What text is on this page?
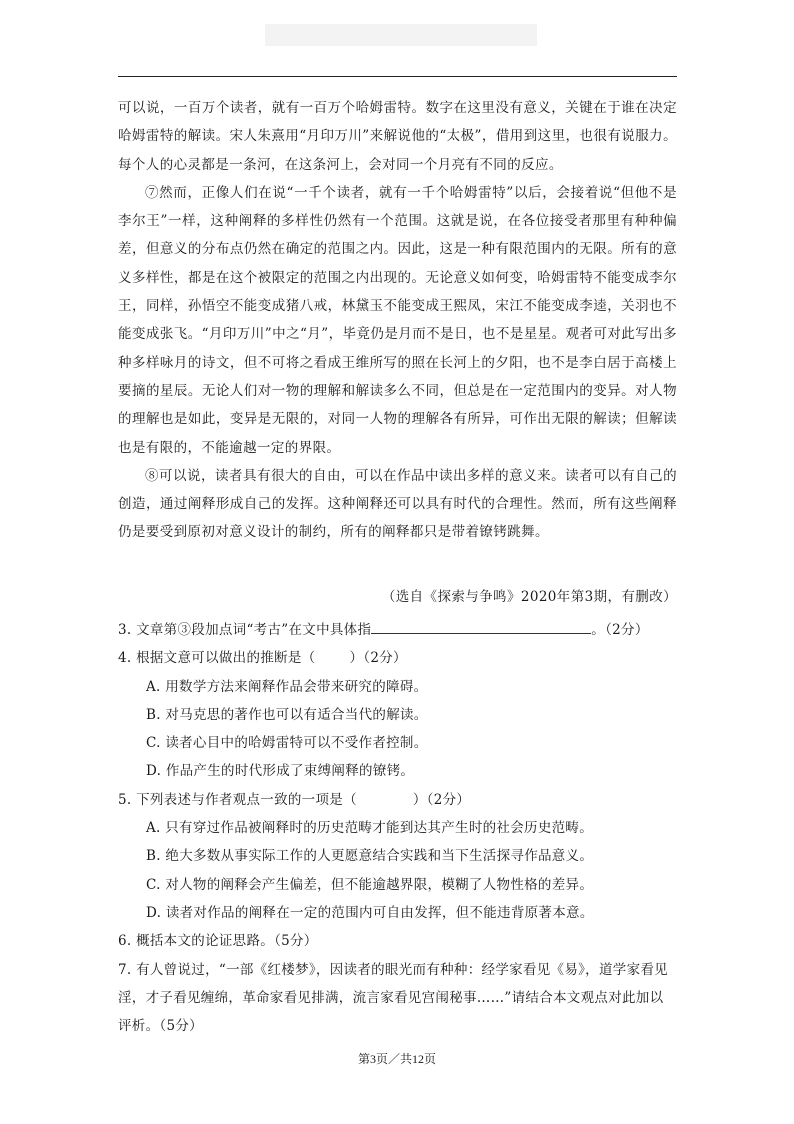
可以说，一百万个读者，就有一百万个哈姆雷特。数字在这里没有意义，关键在于谁在决定哈姆雷特的解读。宋人朱熹用“月印万川”来解说他的“太极”，借用到这里，也很有说服力。每个人的心灵都是一条河，在这条河上，会对同一个月亮有不同的反应。

⑦然而，正像人们在说“一千个读者，就有一千个哈姆雷特”以后，会接着说“但他不是李尔王”一样，这种阐释的多样性仍然有一个范围。这就是说，在各位接受者那里有种种偏差，但意义的分布点仍然在确定的范围之内。因此，这是一种有限范围内的无限。所有的意义多样性，都是在这个被限定的范围之内出现的。无论意义如何变，哈姆雷特不能变成李尔王，同样，孙悟空不能变成猪八戒，林黛玉不能变成王熙凤，宋江不能变成李逵，关羽也不能变成张飞。“月印万川”中之“月”，毕竟仍是月而不是日，也不是星星。观者可对此写出多种多样咏月的诗文，但不可将之看成王维所写的照在长河上的夕阳，也不是李白居于高楼上要摘的星辰。无论人们对一物的理解和解读多么不同，但总是在一定范围内的变异。对人物的理解也是如此，变异是无限的，对同一人物的理解各有所异，可作出无限的解读；但解读也是有限的，不能逾越一定的界限。

⑧可以说，读者具有很大的自由，可以在作品中读出多样的意义来。读者可以有自己的创造，通过阐释形成自己的发挥。这种阐释还可以具有时代的合理性。然而，所有这些阐释仍是要受到原初对意义设计的制约，所有的阐释都只是带着镣铐跳舞。

（选自《探索与争鸣》2020年第3期，有删改）

3. 文章第③段加点词“考古”在文中具体指	。（2分）

4. 根据文意可以做出的推断是（	）（2分）

A. 用数学方法来阐释作品会带来研究的障碍。

B. 对马克思的著作也可以有适合当代的解读。

C. 读者心目中的哈姆雷特可以不受作者控制。

D. 作品产生的时代形成了束缚阐释的镣铐。

5. 下列表述与作者观点一致的一项是（	）（2分）

A. 只有穿过作品被阐释时的历史范畴才能到达其产生时的社会历史范畴。

B. 绝大多数从事实际工作的人更愿意结合实践和当下生活探寻作品意义。

C. 对人物的阐释会产生偏差，但不能逾越界限，模糊了人物性格的差异。

D. 读者对作品的阐释在一定的范围内可自由发挥，但不能违背原著本意。

6. 概括本文的论证思路。（5分）

7. 有人曾说过，“一部《红楼梦》，因读者的眼光而有种种：经学家看见《易》，道学家看见淫，才子看见缠绵，革命家看见排满，流言家看见宫闱秘事……”请结合本文观点对此加以评析。（5分）

第3页／共12页
